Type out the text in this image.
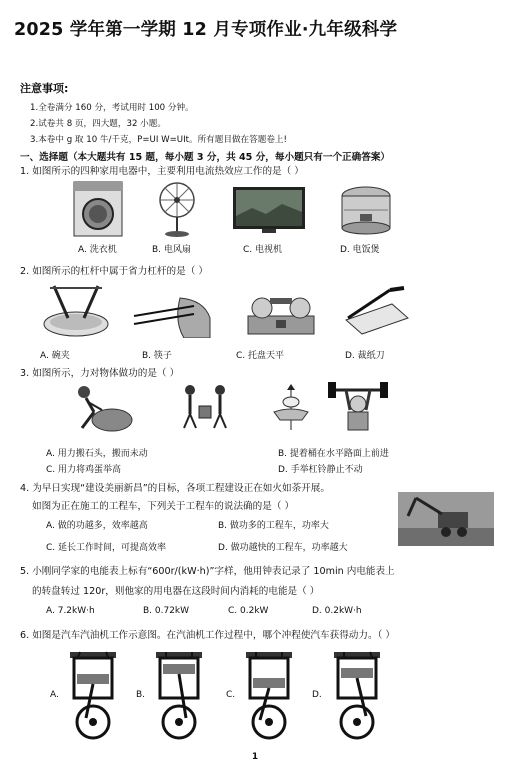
2025 学年第一学期 12 月专项作业·九年级科学
注意事项:
1.全卷满分 160 分，考试用时 100 分钟。
2.试卷共 8 页，四大题，32 小题。
3.本卷中 g 取 10 牛/千克，P=UI W=UIt。所有题目做在答题卷上!
一、选择题（本大题共有 15 题，每小题 3 分，共 45 分，每小题只有一个正确答案）
1. 如图所示的四种家用电器中，主要利用电流热效应工作的是（ ）
A. 洗衣机	B. 电风扇	C. 电视机	D. 电饭煲
2. 如图所示的杠杆中属于省力杠杆的是（ ）
A. 碗夹	B. 筷子	C. 托盘天平	D. 裁纸刀
3. 如图所示，力对物体做功的是（ ）
A. 用力搬石头，搬而未动	B. 提着桶在水平路面上前进
C. 用力将鸡蛋举高	D. 手举杠铃静止不动
4. 为早日实现“建设美丽新昌”的目标，各项工程建设正在如火如荼开展。
如图为正在施工的工程车，下列关于工程车的说法确的是（ ）
A. 做的功越多，效率越高	B. 做功多的工程车，功率大
C. 延长工作时间，可提高效率	D. 做功越快的工程车，功率越大
5. 小刚同学家的电能表上标有“600r/(kW·h)”字样，他用钟表记录了 10min 内电能表上
的转盘转过 120r，则他家的用电器在这段时间内消耗的电能是（ ）
A. 7.2kW·h	B. 0.72kW	C. 0.2kW	D. 0.2kW·h
6. 如图是汽车汽油机工作示意图。在汽油机工作过程中，哪个冲程使汽车获得动力。（ ）
A.	B.	C.	D.
1
